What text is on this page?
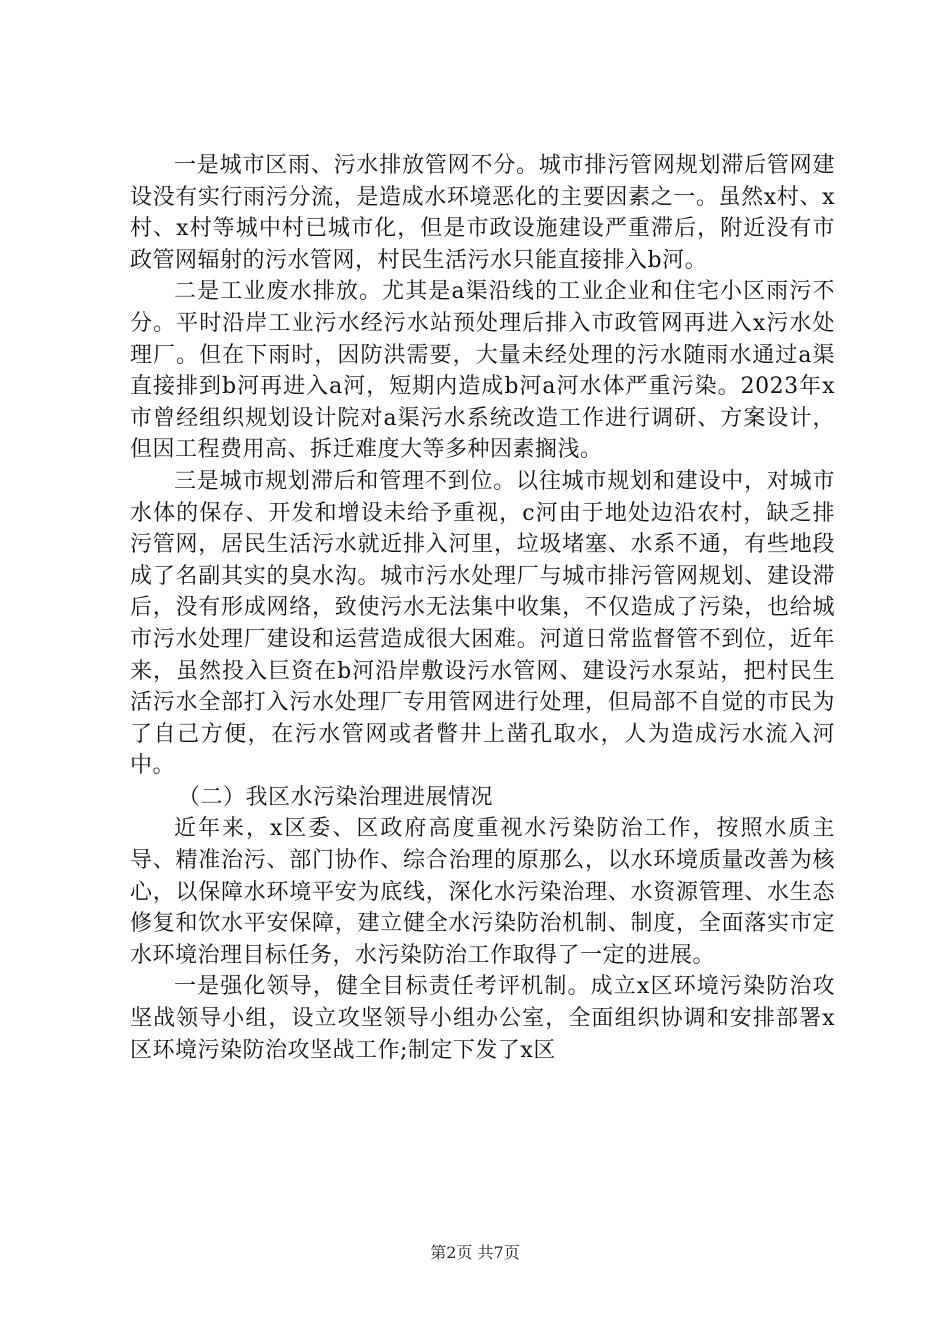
一是城市区雨、污水排放管网不分。城市排污管网规划滞后管网建设没有实行雨污分流，是造成水环境恶化的主要因素之一。虽然x村、x村、x村等城中村已城市化，但是市政设施建设严重滞后，附近没有市政管网辐射的污水管网，村民生活污水只能直接排入b河。

二是工业废水排放。尤其是a渠沿线的工业企业和住宅小区雨污不分。平时沿岸工业污水经污水站预处理后排入市政管网再进入x污水处理厂。但在下雨时，因防洪需要，大量未经处理的污水随雨水通过a渠直接排到b河再进入a河，短期内造成b河a河水体严重污染。2023年x市曾经组织规划设计院对a渠污水系统改造工作进行调研、方案设计，但因工程费用高、拆迁难度大等多种因素搁浅。

三是城市规划滞后和管理不到位。以往城市规划和建设中，对城市水体的保存、开发和增设未给予重视，c河由于地处边沿农村，缺乏排污管网，居民生活污水就近排入河里，垃圾堵塞、水系不通，有些地段成了名副其实的臭水沟。城市污水处理厂与城市排污管网规划、建设滞后，没有形成网络，致使污水无法集中收集，不仅造成了污染，也给城市污水处理厂建设和运营造成很大困难。河道日常监督管不到位，近年来，虽然投入巨资在b河沿岸敷设污水管网、建设污水泵站，把村民生活污水全部打入污水处理厂专用管网进行处理，但局部不自觉的市民为了自己方便，在污水管网或者瞥井上凿孔取水，人为造成污水流入河中。

（二）我区水污染治理进展情况

近年来，x区委、区政府高度重视水污染防治工作，按照水质主导、精准治污、部门协作、综合治理的原那么，以水环境质量改善为核心，以保障水环境平安为底线，深化水污染治理、水资源管理、水生态修复和饮水平安保障，建立健全水污染防治机制、制度，全面落实市定水环境治理目标任务，水污染防治工作取得了一定的进展。

一是强化领导，健全目标责任考评机制。成立x区环境污染防治攻坚战领导小组，设立攻坚领导小组办公室，全面组织协调和安排部署x区环境污染防治攻坚战工作;制定下发了x区

第2页 共7页
